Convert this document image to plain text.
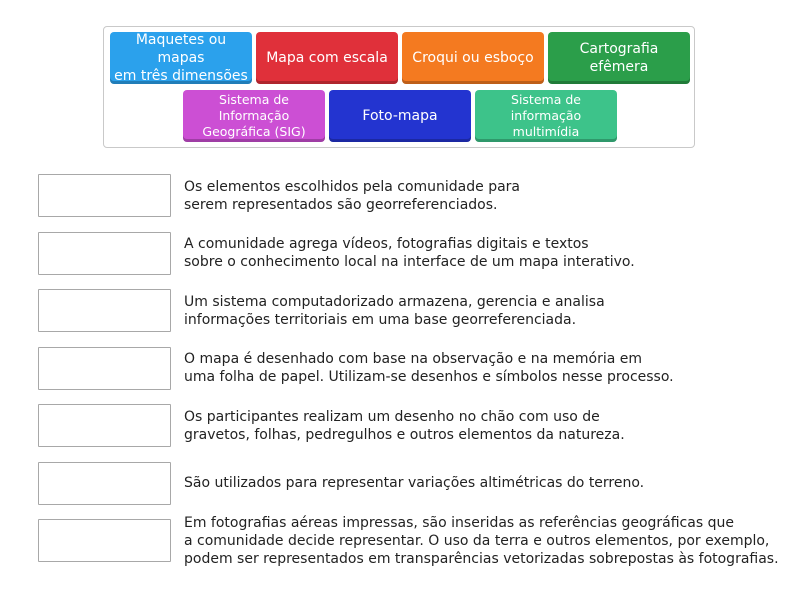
Maquetes ou mapas
em três dimensões
Mapa com escala Croqui ou esboço
Cartografia
efêmera
Sistema de Informação
Geográfica (SIG)
Foto-mapa
Sistema de
informação multimídia
Os elementos escolhidos pela comunidade para
serem representados são georreferenciados.
A comunidade agrega vídeos, fotografias digitais e textos
sobre o conhecimento local na interface de um mapa interativo.
Um sistema computadorizado armazena, gerencia e analisa
informações territoriais em uma base georreferenciada.
O mapa é desenhado com base na observação e na memória em
uma folha de papel. Utilizam-se desenhos e símbolos nesse processo.
Os participantes realizam um desenho no chão com uso de
gravetos, folhas, pedregulhos e outros elementos da natureza.
São utilizados para representar variações altimétricas do terreno.
Em fotografias aéreas impressas, são inseridas as referências geográficas que
a comunidade decide representar. O uso da terra e outros elementos, por exemplo,
podem ser representados em transparências vetorizadas sobrepostas às fotografias.
